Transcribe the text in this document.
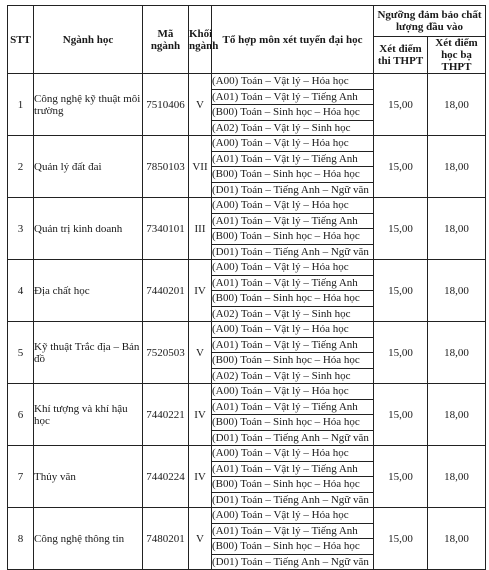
STT	Ngành học	Mã ngành	Khối ngành	Tổ hợp môn xét tuyển đại học	Ngưỡng đảm bảo chất lượng đầu vào	
					Xét điểm thi THPT	Xét điểm học bạ THPT
1	Công nghệ kỹ thuật môi trường	7510406	V	(A00) Toán – Vật lý – Hóa học	15,00	18,00
				(A01) Toán – Vật lý – Tiếng Anh		
				(B00) Toán – Sinh học – Hóa học		
				(A02) Toán – Vật lý – Sinh học		
2	Quản lý đất đai	7850103	VII	(A00) Toán – Vật lý – Hóa học	15,00	18,00
				(A01) Toán – Vật lý – Tiếng Anh		
				(B00) Toán – Sinh học – Hóa học		
				(D01) Toán – Tiếng Anh – Ngữ văn		
3	Quản trị kinh doanh	7340101	III	(A00) Toán – Vật lý – Hóa học	15,00	18,00
				(A01) Toán – Vật lý – Tiếng Anh		
				(B00) Toán – Sinh học – Hóa học		
				(D01) Toán – Tiếng Anh – Ngữ văn		
4	Địa chất học	7440201	IV	(A00) Toán – Vật lý – Hóa học	15,00	18,00
				(A01) Toán – Vật lý – Tiếng Anh		
				(B00) Toán – Sinh học – Hóa học		
				(A02) Toán – Vật lý – Sinh học		
5	Kỹ thuật Trắc địa – Bản đồ	7520503	V	(A00) Toán – Vật lý – Hóa học	15,00	18,00
				(A01) Toán – Vật lý – Tiếng Anh		
				(B00) Toán – Sinh học – Hóa học		
				(A02) Toán – Vật lý – Sinh học		
6	Khí tượng và khí hậu học	7440221	IV	(A00) Toán – Vật lý – Hóa học	15,00	18,00
				(A01) Toán – Vật lý – Tiếng Anh		
				(B00) Toán – Sinh học – Hóa học		
				(D01) Toán – Tiếng Anh – Ngữ văn		
7	Thủy văn	7440224	IV	(A00) Toán – Vật lý – Hóa học	15,00	18,00
				(A01) Toán – Vật lý – Tiếng Anh		
				(B00) Toán – Sinh học – Hóa học		
				(D01) Toán – Tiếng Anh – Ngữ văn		
8	Công nghệ thông tin	7480201	V	(A00) Toán – Vật lý – Hóa học	15,00	18,00
				(A01) Toán – Vật lý – Tiếng Anh		
				(B00) Toán – Sinh học – Hóa học		
				(D01) Toán – Tiếng Anh – Ngữ văn		
